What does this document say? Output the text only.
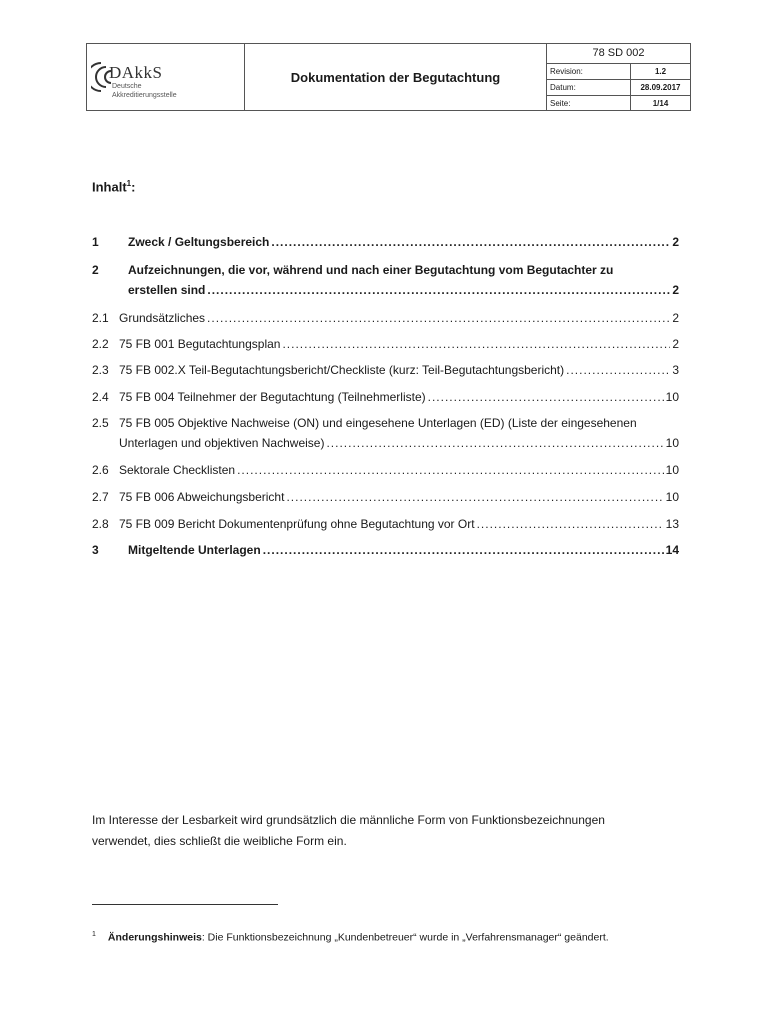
DAkkS
Deutsche
Akkreditierungsstelle
Dokumentation der Begutachtung
78 SD 002
Revision:	1.2
Datum:	28.09.2017
Seite:	1/14
Inhalt$^1$:
1	Zweck / Geltungsbereich .....	2
2	Aufzeichnungen, die vor, während und nach einer Begutachtung vom Begutachter zu
erstellen sind .....	2
2.1 Grundsätzliches .....	2
2.2 75 FB 001 Begutachtungsplan .....	2
2.3 75 FB 002.X Teil-Begutachtungsbericht/Checkliste (kurz: Teil-Begutachtungsbericht) .....	3
2.4 75 FB 004 Teilnehmer der Begutachtung (Teilnehmerliste) .....	10
2.5 75 FB 005 Objektive Nachweise (ON) und eingesehene Unterlagen (ED) (Liste der eingesehenen
Unterlagen und objektiven Nachweise) .....	10
2.6 Sektorale Checklisten .....	10
2.7 75 FB 006 Abweichungsbericht .....	10
2.8 75 FB 009 Bericht Dokumentenprüfung ohne Begutachtung vor Ort .....	13
3	Mitgeltende Unterlagen .....	14
Im Interesse der Lesbarkeit wird grundsätzlich die männliche Form von Funktionsbezeichnungen
verwendet, dies schließt die weibliche Form ein.
$^1$ Änderungshinweis: Die Funktionsbezeichnung „Kundenbetreuer“ wurde in „Verfahrensmanager“ geändert.
